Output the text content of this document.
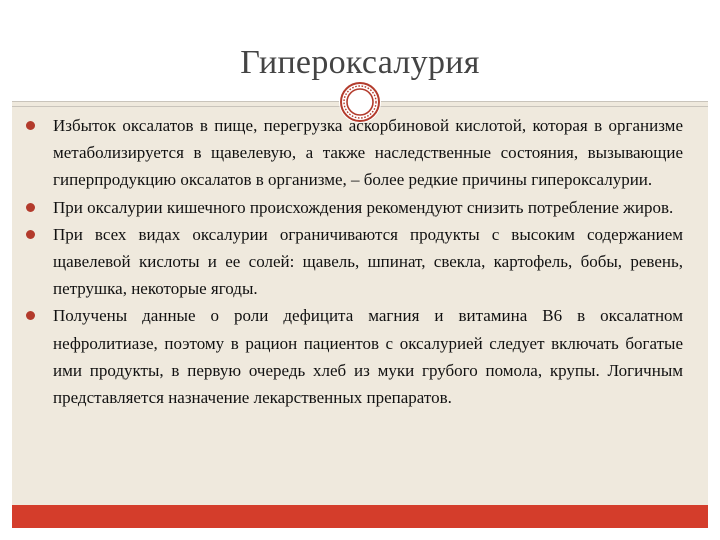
Гипероксалурия
Избыток оксалатов в пище, перегрузка аскорбиновой кислотой, которая в организме метаболизируется в щавелевую, а также наследственные состояния, вызывающие гиперпродукцию оксалатов в организме, – более редкие причины гипероксалурии.
При оксалурии кишечного происхождения рекомендуют снизить потребление жиров.
При всех видах оксалурии ограничиваются продукты с высоким содержанием щавелевой кислоты и ее солей: щавель, шпинат, свекла, картофель, бобы, ревень, петрушка, некоторые ягоды.
Получены данные о роли дефицита магния и витамина В6 в оксалатном нефролитиазе, поэтому в рацион пациентов с оксалурией следует включать богатые ими продукты, в первую очередь хлеб из муки грубого помола, крупы. Логичным представляется назначение лекарственных препаратов.
